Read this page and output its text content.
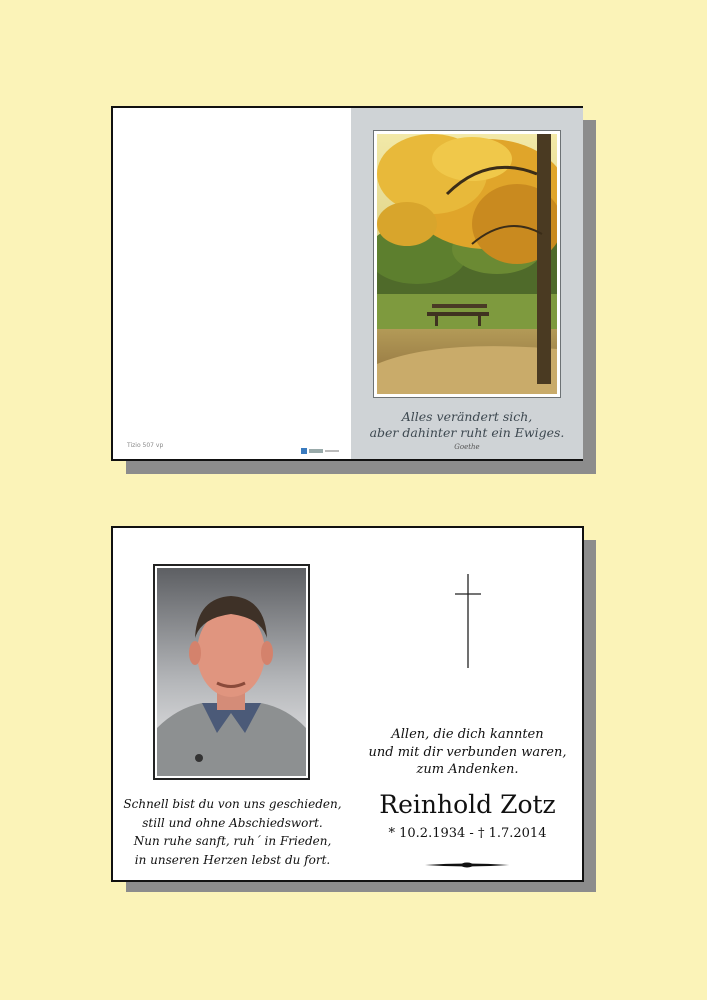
Tizio 507 vp
Alles verändert sich,
aber dahinter ruht ein Ewiges.
Goethe
Schnell bist du von uns geschieden,
still und ohne Abschiedswort.
Nun ruhe sanft, ruh´ in Frieden,
in unseren Herzen lebst du fort.
Allen, die dich kannten
und mit dir verbunden waren,
zum Andenken.
Reinhold Zotz
* 10.2.1934 - † 1.7.2014
